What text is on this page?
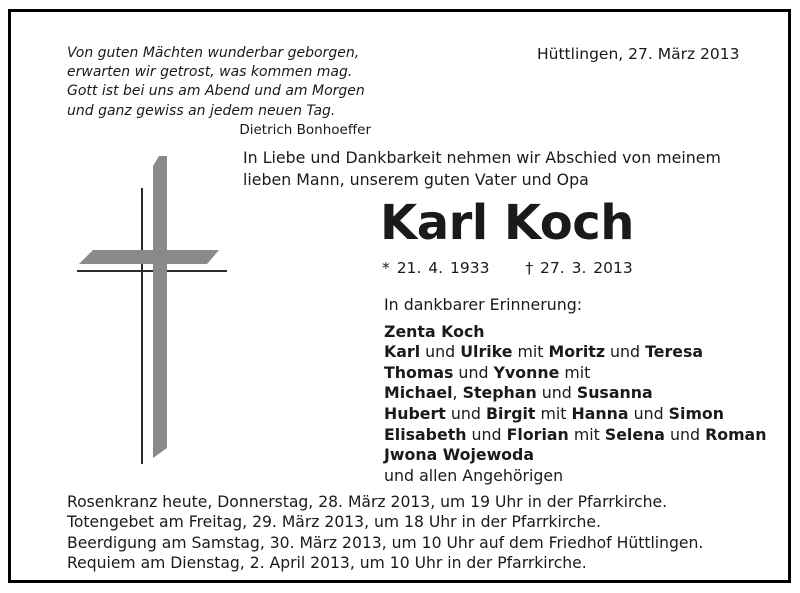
Von guten Mächten wunderbar geborgen,
erwarten wir getrost, was kommen mag.
Gott ist bei uns am Abend und am Morgen
und ganz gewiss an jedem neuen Tag.
Dietrich Bonhoeffer
Hüttlingen, 27. März 2013
In Liebe und Dankbarkeit nehmen wir Abschied von meinem
lieben Mann, unserem guten Vater und Opa
Karl Koch
* 21. 4. 1933 † 27. 3. 2013
In dankbarer Erinnerung:
Zenta Koch
Karl und Ulrike mit Moritz und Teresa
Thomas und Yvonne mit
Michael, Stephan und Susanna
Hubert und Birgit mit Hanna und Simon
Elisabeth und Florian mit Selena und Roman
Jwona Wojewoda
und allen Angehörigen
Rosenkranz heute, Donnerstag, 28. März 2013, um 19 Uhr in der Pfarrkirche.
Totengebet am Freitag, 29. März 2013, um 18 Uhr in der Pfarrkirche.
Beerdigung am Samstag, 30. März 2013, um 10 Uhr auf dem Friedhof Hüttlingen.
Requiem am Dienstag, 2. April 2013, um 10 Uhr in der Pfarrkirche.
